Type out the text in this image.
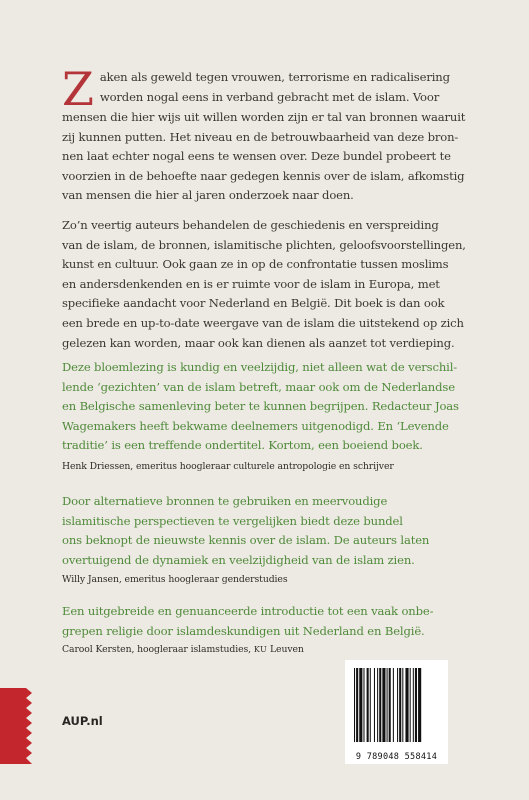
Z aken als geweld tegen vrouwen, terrorisme en radicalisering
worden nogal eens in verband gebracht met de islam. Voor
mensen die hier wijs uit willen worden zijn er tal van bronnen waaruit
zij kunnen putten. Het niveau en de betrouwbaarheid van deze bron-
nen laat echter nogal eens te wensen over. Deze bundel probeert te
voorzien in de behoefte naar gedegen kennis over de islam, afkomstig
van mensen die hier al jaren onderzoek naar doen.
Zo’n veertig auteurs behandelen de geschiedenis en verspreiding
van de islam, de bronnen, islamitische plichten, geloofsvoorstellingen,
kunst en cultuur. Ook gaan ze in op de confrontatie tussen moslims
en andersdenkenden en is er ruimte voor de islam in Europa, met
specifieke aandacht voor Nederland en België. Dit boek is dan ook
een brede en up-to-date weergave van de islam die uitstekend op zich
gelezen kan worden, maar ook kan dienen als aanzet tot verdieping.
Deze bloemlezing is kundig en veelzijdig, niet alleen wat de verschil-
lende ‘gezichten’ van de islam betreft, maar ook om de Nederlandse
en Belgische samenleving beter te kunnen begrijpen. Redacteur Joas
Wagemakers heeft bekwame deelnemers uitgenodigd. En ‘Levende
traditie’ is een treffende ondertitel. Kortom, een boeiend boek.

Henk Driessen, emeritus hoogleraar culturele antropologie en schrijver

Door alternatieve bronnen te gebruiken en meervoudige
islamitische perspectieven te vergelijken biedt deze bundel
ons beknopt de nieuwste kennis over de islam. De auteurs laten
overtuigend de dynamiek en veelzijdigheid van de islam zien.

Willy Jansen, emeritus hoogleraar genderstudies

Een uitgebreide en genuanceerde introductie tot een vaak onbe-
grepen religie door islamdeskundigen uit Nederland en België.

Carool Kersten, hoogleraar islamstudies, KU Leuven

AUP.nl
9 789048 558414
